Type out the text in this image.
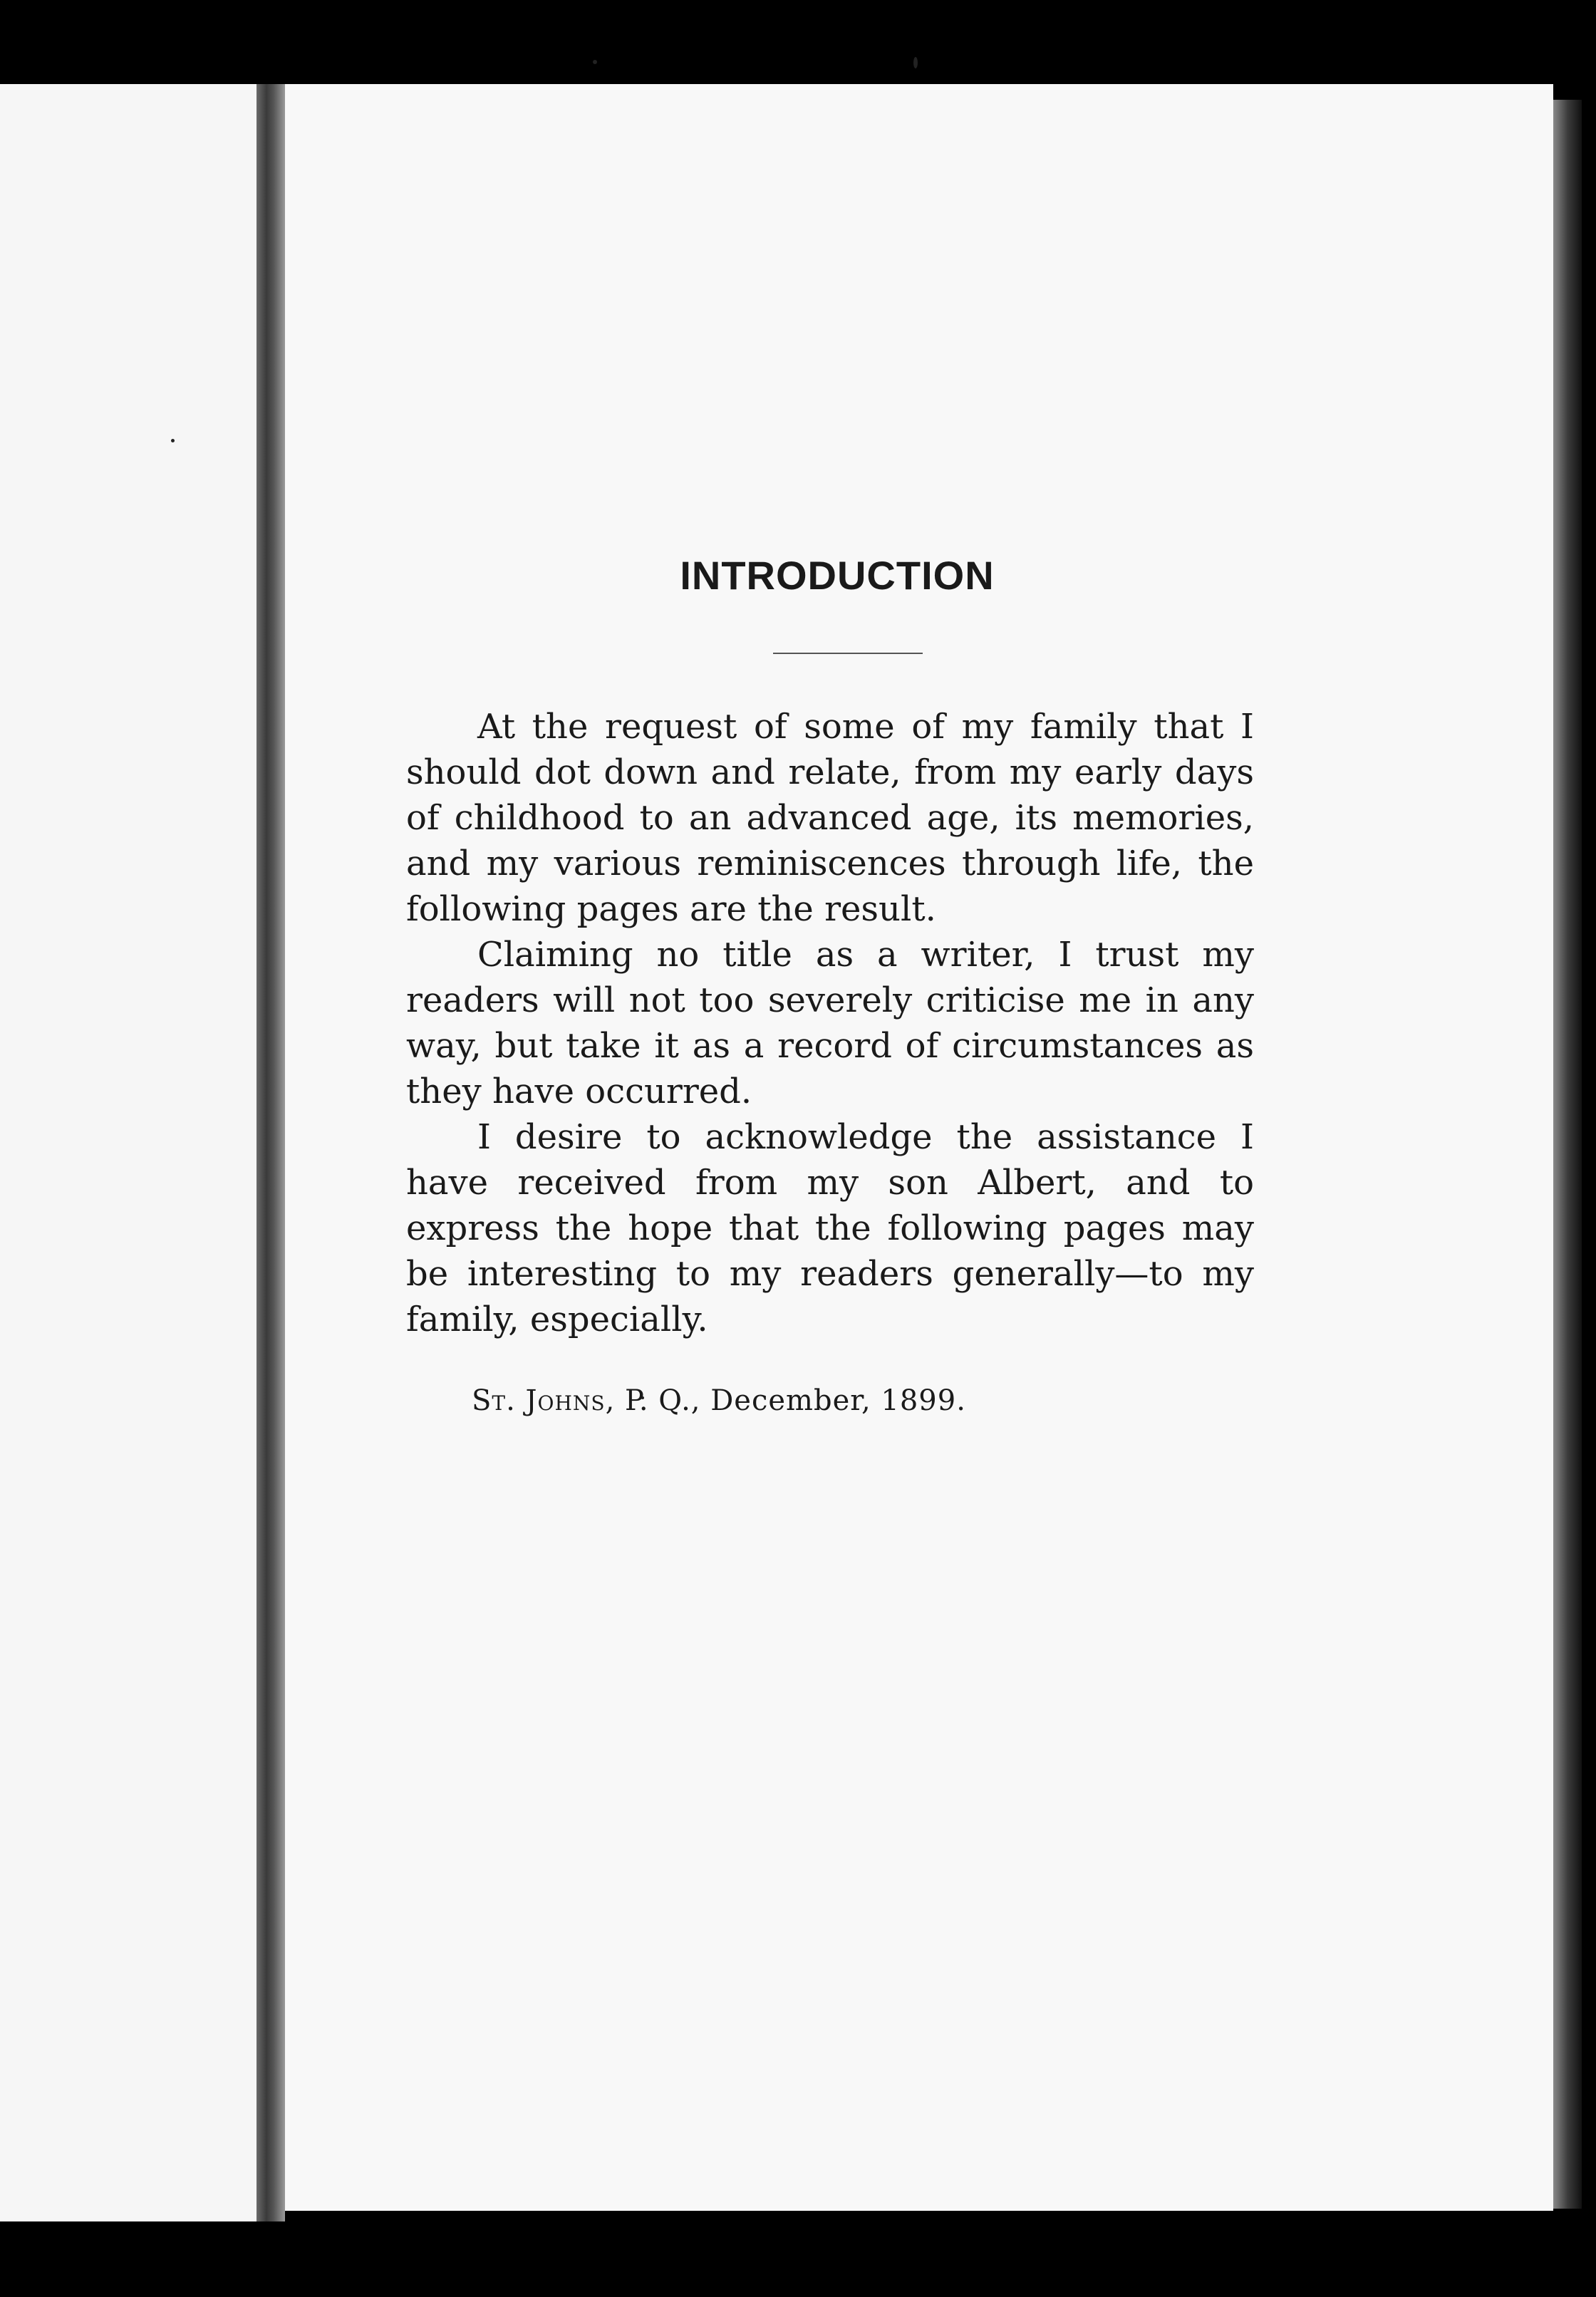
INTRODUCTION

At the request of some of my family that I should dot down and relate, from my early days of childhood to an advanced age, its memories, and my various reminiscences through life, the following pages are the result.

Claiming no title as a writer, I trust my readers will not too severely criticise me in any way, but take it as a record of circumstances as they have occurred.

I desire to acknowledge the assistance I have received from my son Albert, and to express the hope that the following pages may be interesting to my readers generally—to my family, especially.

St. Johns, P. Q., December, 1899.
